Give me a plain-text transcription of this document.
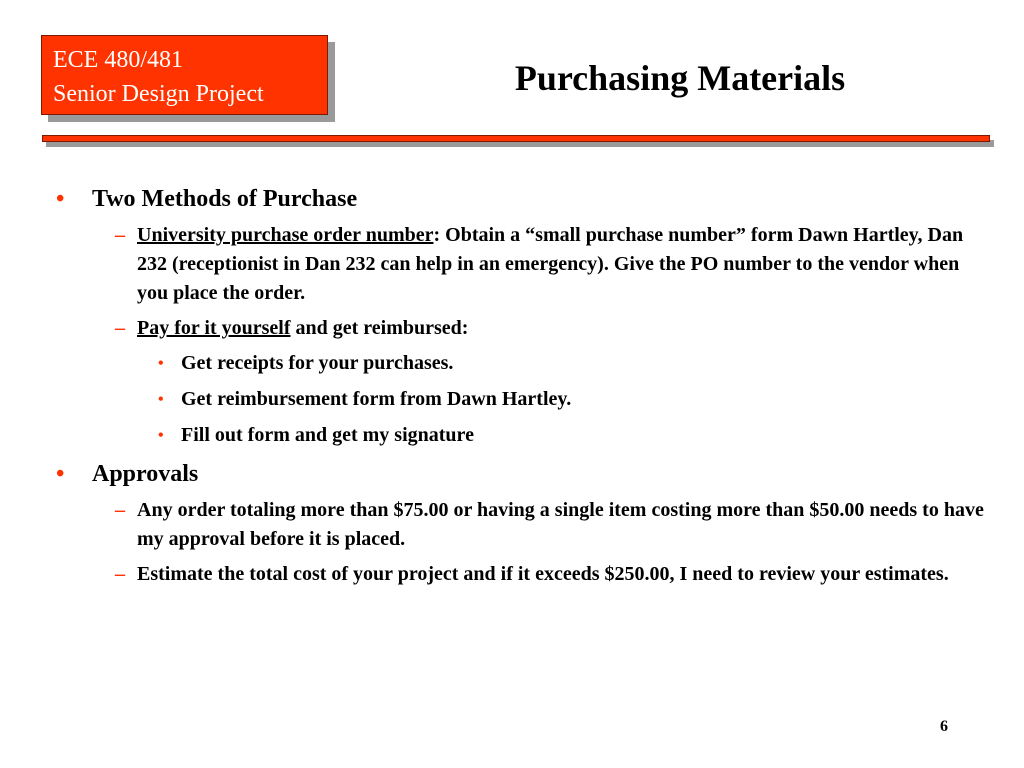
ECE 480/481
Senior Design Project	Purchasing Materials
• Two Methods of Purchase
– University purchase order number: Obtain a “small purchase number” form Dawn Hartley, Dan 232 (receptionist in Dan 232 can help in an emergency). Give the PO number to the vendor when you place the order.
– Pay for it yourself and get reimbursed:
• Get receipts for your purchases.
• Get reimbursement form from Dawn Hartley.
• Fill out form and get my signature
• Approvals
– Any order totaling more than $75.00 or having a single item costing more than $50.00 needs to have my approval before it is placed.
– Estimate the total cost of your project and if it exceeds $250.00, I need to review your estimates.
6
